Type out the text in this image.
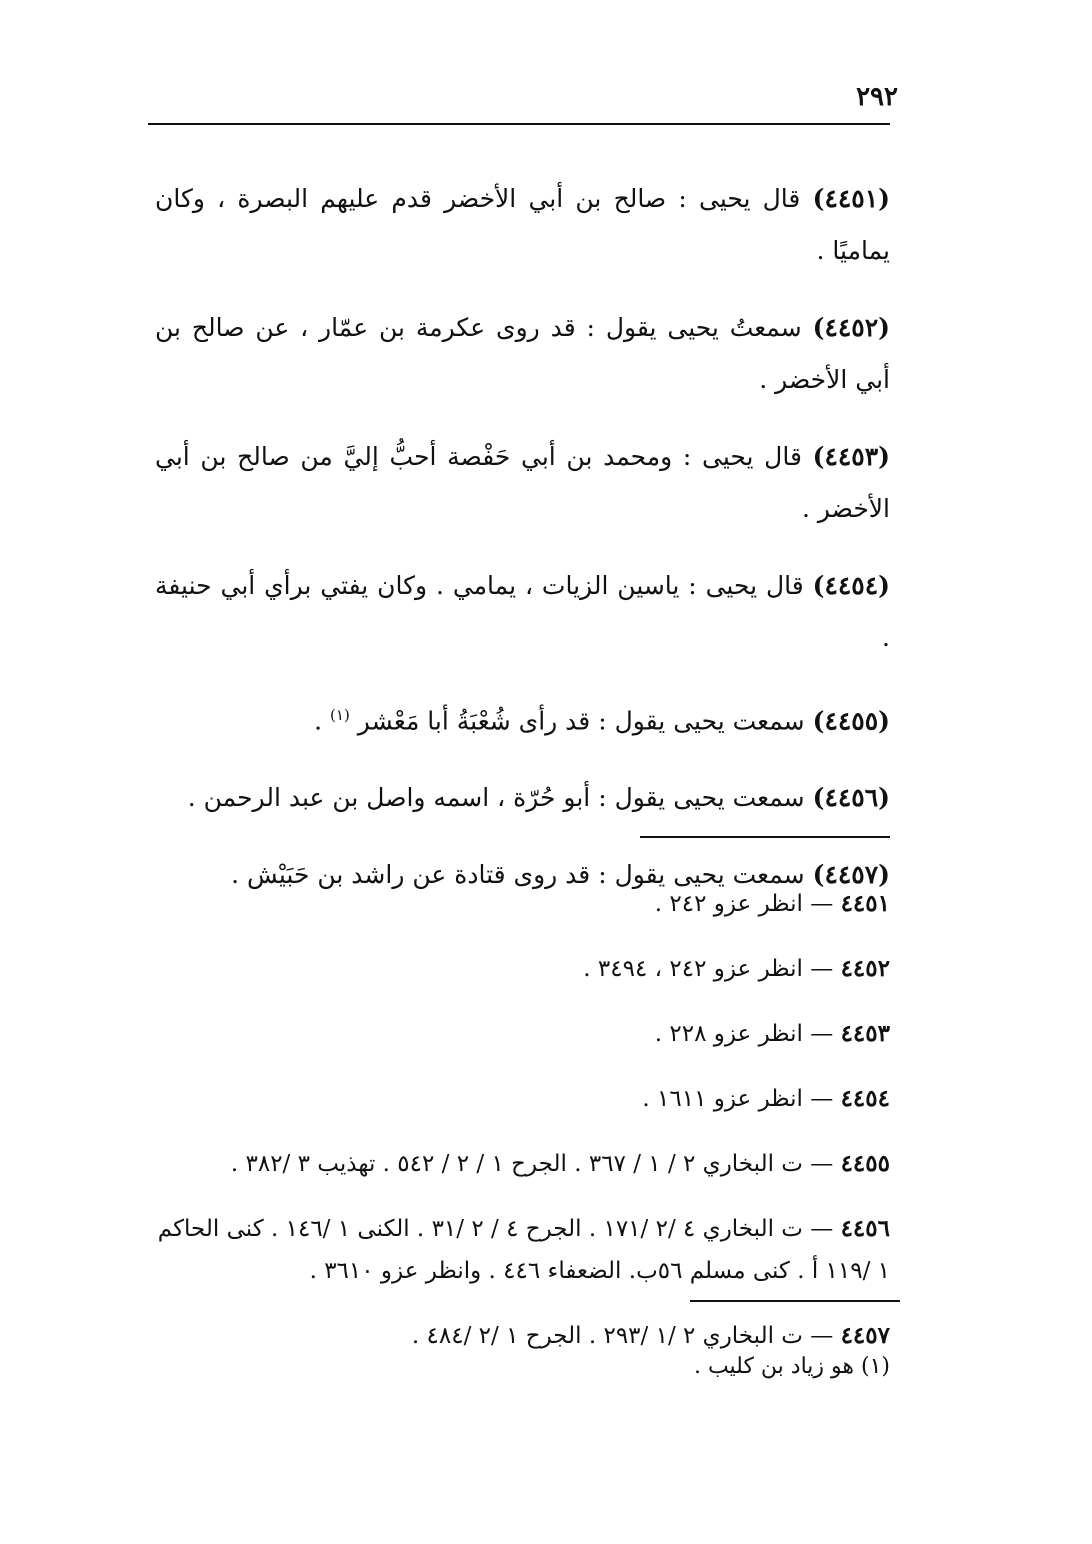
٢٩٢

(٤٤٥١) قال يحيى : صالح بن أبي الأخضر قدم عليهم البصرة ، وكان يماميًا .

(٤٤٥٢) سمعتُ يحيى يقول : قد روى عكرمة بن عمّار ، عن صالح بن أبي الأخضر .

(٤٤٥٣) قال يحيى : ومحمد بن أبي حَفْصة أحبُّ إليَّ من صالح بن أبي الأخضر .

(٤٤٥٤) قال يحيى : ياسين الزيات ، يمامي . وكان يفتي برأي أبي حنيفة .

(٤٤٥٥) سمعت يحيى يقول : قد رأى شُعْبَةُ أبا مَعْشر $^{(١)}$ .

(٤٤٥٦) سمعت يحيى يقول : أبو حُرّة ، اسمه واصل بن عبد الرحمن .

(٤٤٥٧) سمعت يحيى يقول : قد روى قتادة عن راشد بن حَبَيْش .

٤٤٥١ — انظر عزو ٢٤٢ .

٤٤٥٢ — انظر عزو ٢٤٢ ، ٣٤٩٤ .

٤٤٥٣ — انظر عزو ٢٢٨ .

٤٤٥٤ — انظر عزو ١٦١١ .

٤٤٥٥ — ت البخاري ٢ / ١ / ٣٦٧ . الجرح ١ / ٢ / ٥٤٢ . تهذيب ٣ /٣٨٢ .

٤٤٥٦ — ت البخاري ٤ /٢ /١٧١ . الجرح ٤ / ٢ /٣١ . الكنى ١ /١٤٦ . كنى الحاكم ١ /١١٩ أ . كنى مسلم ٥٦ب. الضعفاء ٤٤٦ . وانظر عزو ٣٦١٠ .

٤٤٥٧ — ت البخاري ٢ /١ /٢٩٣ . الجرح ١ /٢ /٤٨٤ .

(١) هو زياد بن كليب .
